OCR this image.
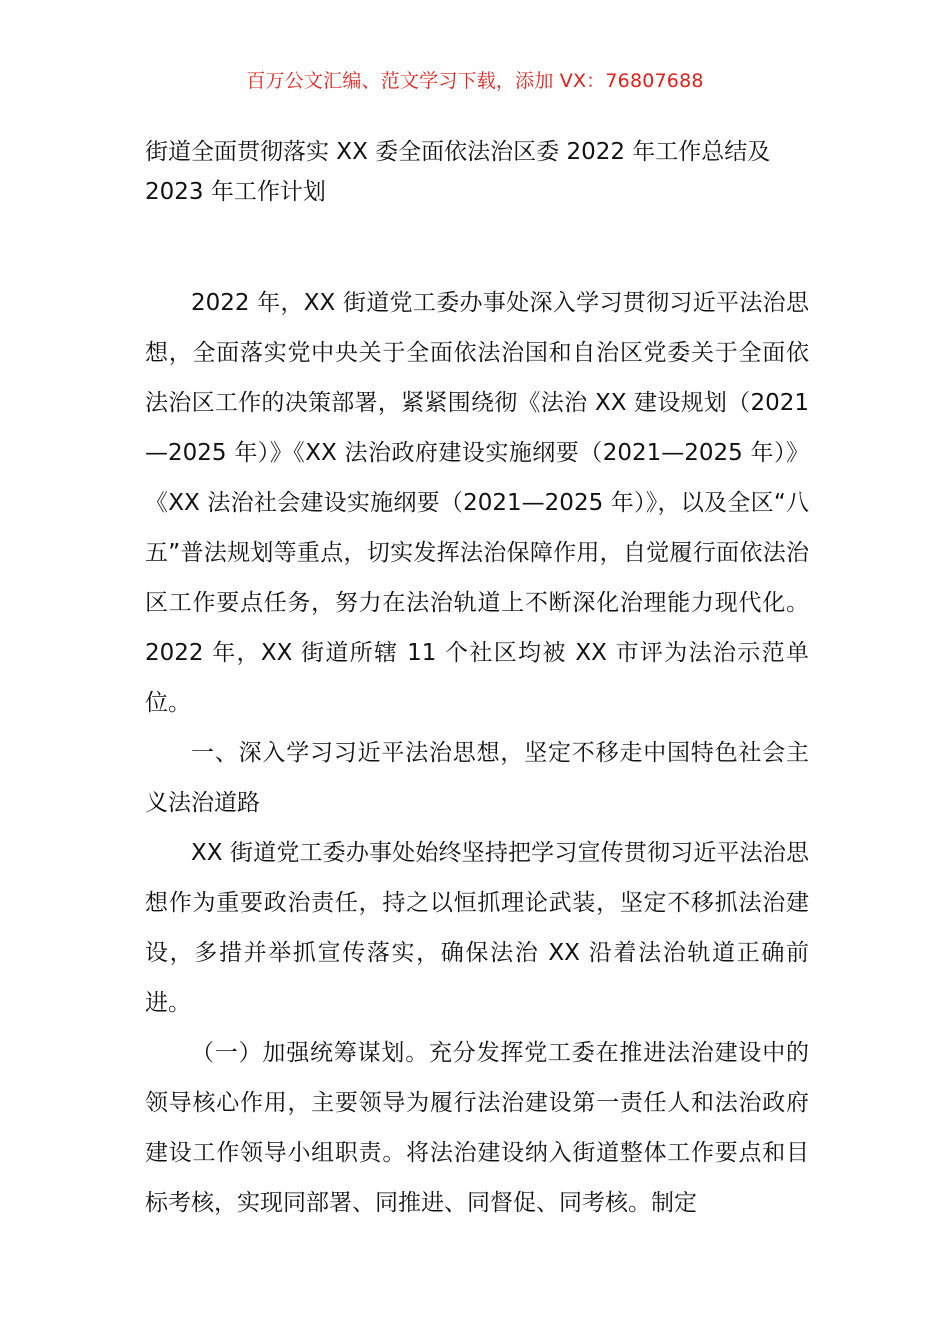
百万公文汇编、范文学习下载，添加 VX：76807688
街道全面贯彻落实 XX 委全面依法治区委 2022 年工作总结及 2023 年工作计划

2022 年，XX 街道党工委办事处深入学习贯彻习近平法治思想，全面落实党中央关于全面依法治国和自治区党委关于全面依法治区工作的决策部署，紧紧围绕彻《法治 XX 建设规划（2021—2025 年）》《XX 法治政府建设实施纲要（2021—2025 年）》《XX 法治社会建设实施纲要（2021—2025 年）》，以及全区“八五”普法规划等重点，切实发挥法治保障作用，自觉履行面依法治区工作要点任务，努力在法治轨道上不断深化治理能力现代化。2022 年，XX 街道所辖 11 个社区均被 XX 市评为法治示范单位。

一、深入学习习近平法治思想，坚定不移走中国特色社会主义法治道路

XX 街道党工委办事处始终坚持把学习宣传贯彻习近平法治思想作为重要政治责任，持之以恒抓理论武装，坚定不移抓法治建设，多措并举抓宣传落实，确保法治 XX 沿着法治轨道正确前进。

（一）加强统筹谋划。充分发挥党工委在推进法治建设中的领导核心作用，主要领导为履行法治建设第一责任人和法治政府建设工作领导小组职责。将法治建设纳入街道整体工作要点和目标考核，实现同部署、同推进、同督促、同考核。制定
